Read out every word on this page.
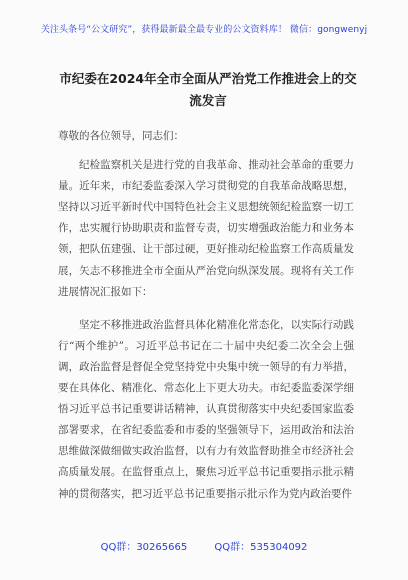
关注头条号“公文研究”，获得最新最全最专业的公文资料库！ 微信：gongwenyj
市纪委在2024年全市全面从严治党工作推进会上的交流发言

尊敬的各位领导，同志们：

纪检监察机关是进行党的自我革命、推动社会革命的重要力量。近年来，市纪委监委深入学习贯彻党的自我革命战略思想，坚持以习近平新时代中国特色社会主义思想统领纪检监察一切工作，忠实履行协助职责和监督专责，切实增强政治能力和业务本领，把队伍建强、让干部过硬，更好推动纪检监察工作高质量发展，矢志不移推进全市全面从严治党向纵深发展。现将有关工作进展情况汇报如下：

坚定不移推进政治监督具体化精准化常态化，以实际行动践行“两个维护”。习近平总书记在二十届中央纪委二次全会上强调，政治监督是督促全党坚持党中央集中统一领导的有力举措，要在具体化、精准化、常态化上下更大功夫。市纪委监委深学细悟习近平总书记重要讲话精神，认真贯彻落实中央纪委国家监委部署要求，在省纪委监委和市委的坚强领导下，运用政治和法治思维做深做细做实政治监督，以有力有效监督助推全市经济社会高质量发展。在监督重点上，聚焦习近平总书记重要指示批示精神的贯彻落实，把习近平总书记重要指示批示作为党内政治要件

QQ群：30265665	QQ群：535304092
